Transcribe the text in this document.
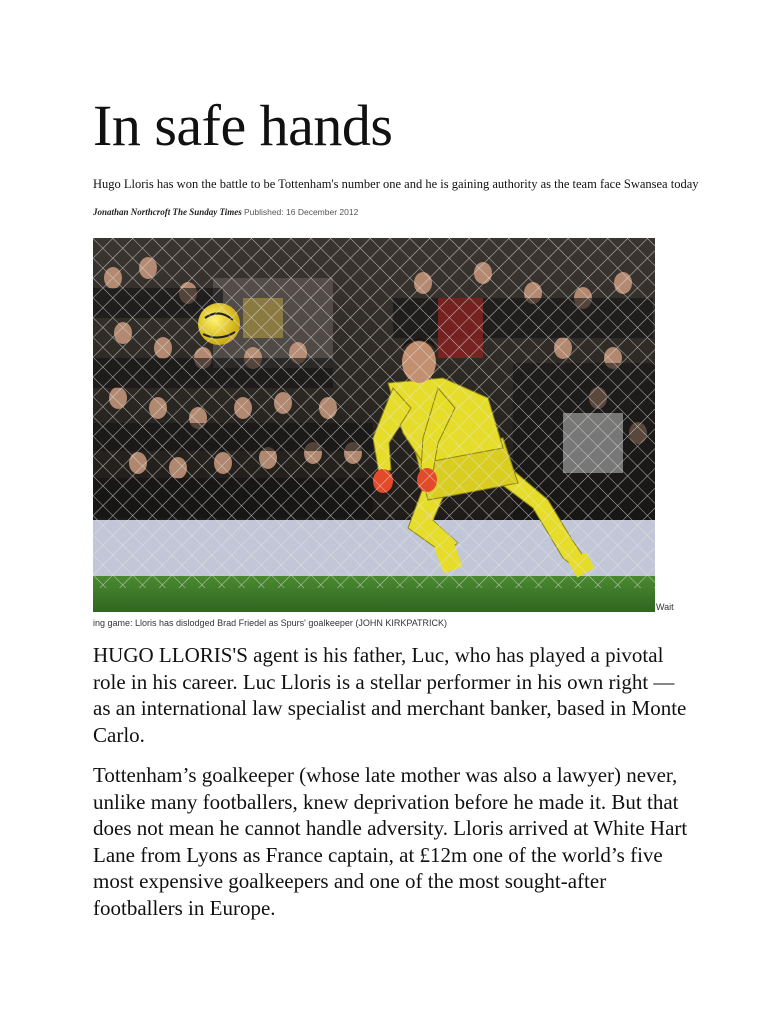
In safe hands

Hugo Lloris has won the battle to be Tottenham's number one and he is gaining authority as the team face Swansea today

Jonathan Northcroft The Sunday Times Published: 16 December 2012

Wait

ing game: Lloris has dislodged Brad Friedel as Spurs' goalkeeper (JOHN KIRKPATRICK)

HUGO LLORIS'S agent is his father, Luc, who has played a pivotal role in his career. Luc Lloris is a stellar performer in his own right — as an international law specialist and merchant banker, based in Monte Carlo.

Tottenham’s goalkeeper (whose late mother was also a lawyer) never, unlike many footballers, knew deprivation before he made it. But that does not mean he cannot handle adversity. Lloris arrived at White Hart Lane from Lyons as France captain, at £12m one of the world’s five most expensive goalkeepers and one of the most sought-after footballers in Europe.
